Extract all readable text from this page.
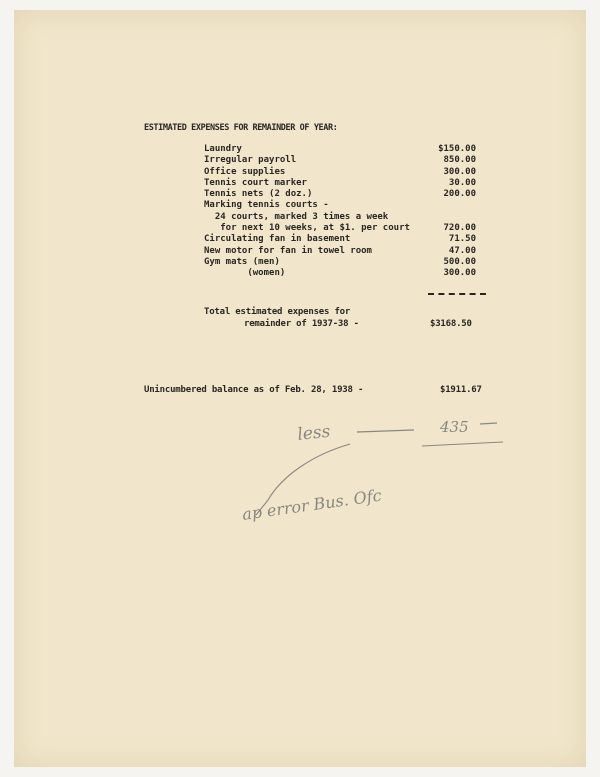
ESTIMATED EXPENSES FOR REMAINDER OF YEAR:
Laundry	$150.00
Irregular payroll	850.00
Office supplies	300.00
Tennis court marker	30.00
Tennis nets (2 doz.)	200.00
Marking tennis courts -
24 courts, marked 3 times a week
for next 10 weeks, at $1. per court	720.00
Circulating fan in basement	71.50
New motor for fan in towel room	47.00
Gym mats (men)	500.00
(women)	300.00
Total estimated expenses for
remainder of 1937-38 -	$3168.50
Unincumbered balance as of Feb. 28, 1938 -	$1911.67
less	435
ap error Bus. Ofc
